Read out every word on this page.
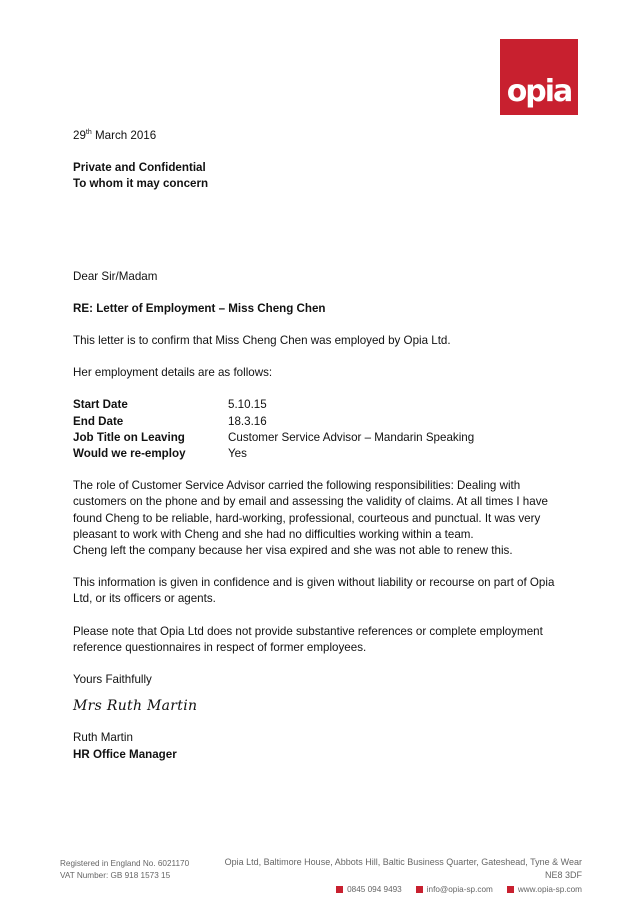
opia

29th March 2016

Private and Confidential

To whom it may concern

Dear Sir/Madam

RE: Letter of Employment – Miss Cheng Chen

This letter is to confirm that Miss Cheng Chen was employed by Opia Ltd.

Her employment details are as follows:

Start Date	5.10.15
End Date	18.3.16
Job Title on Leaving	Customer Service Advisor – Mandarin Speaking
Would we re-employ	Yes

The role of Customer Service Advisor carried the following responsibilities: Dealing with customers on the phone and by email and assessing the validity of claims. At all times I have found Cheng to be reliable, hard-working, professional, courteous and punctual. It was very pleasant to work with Cheng and she had no difficulties working within a team.

Cheng left the company because her visa expired and she was not able to renew this.

This information is given in confidence and is given without liability or recourse on part of Opia Ltd, or its officers or agents.

Please note that Opia Ltd does not provide substantive references or complete employment reference questionnaires in respect of former employees.

Yours Faithfully

Mrs Ruth Martin

Ruth Martin

HR Office Manager

Registered in England No. 6021170
VAT Number: GB 918 1573 15
Opia Ltd, Baltimore House, Abbots Hill, Baltic Business Quarter, Gateshead, Tyne & Wear NE8 3DF
0845 094 9493	info@opia-sp.com	www.opia-sp.com
